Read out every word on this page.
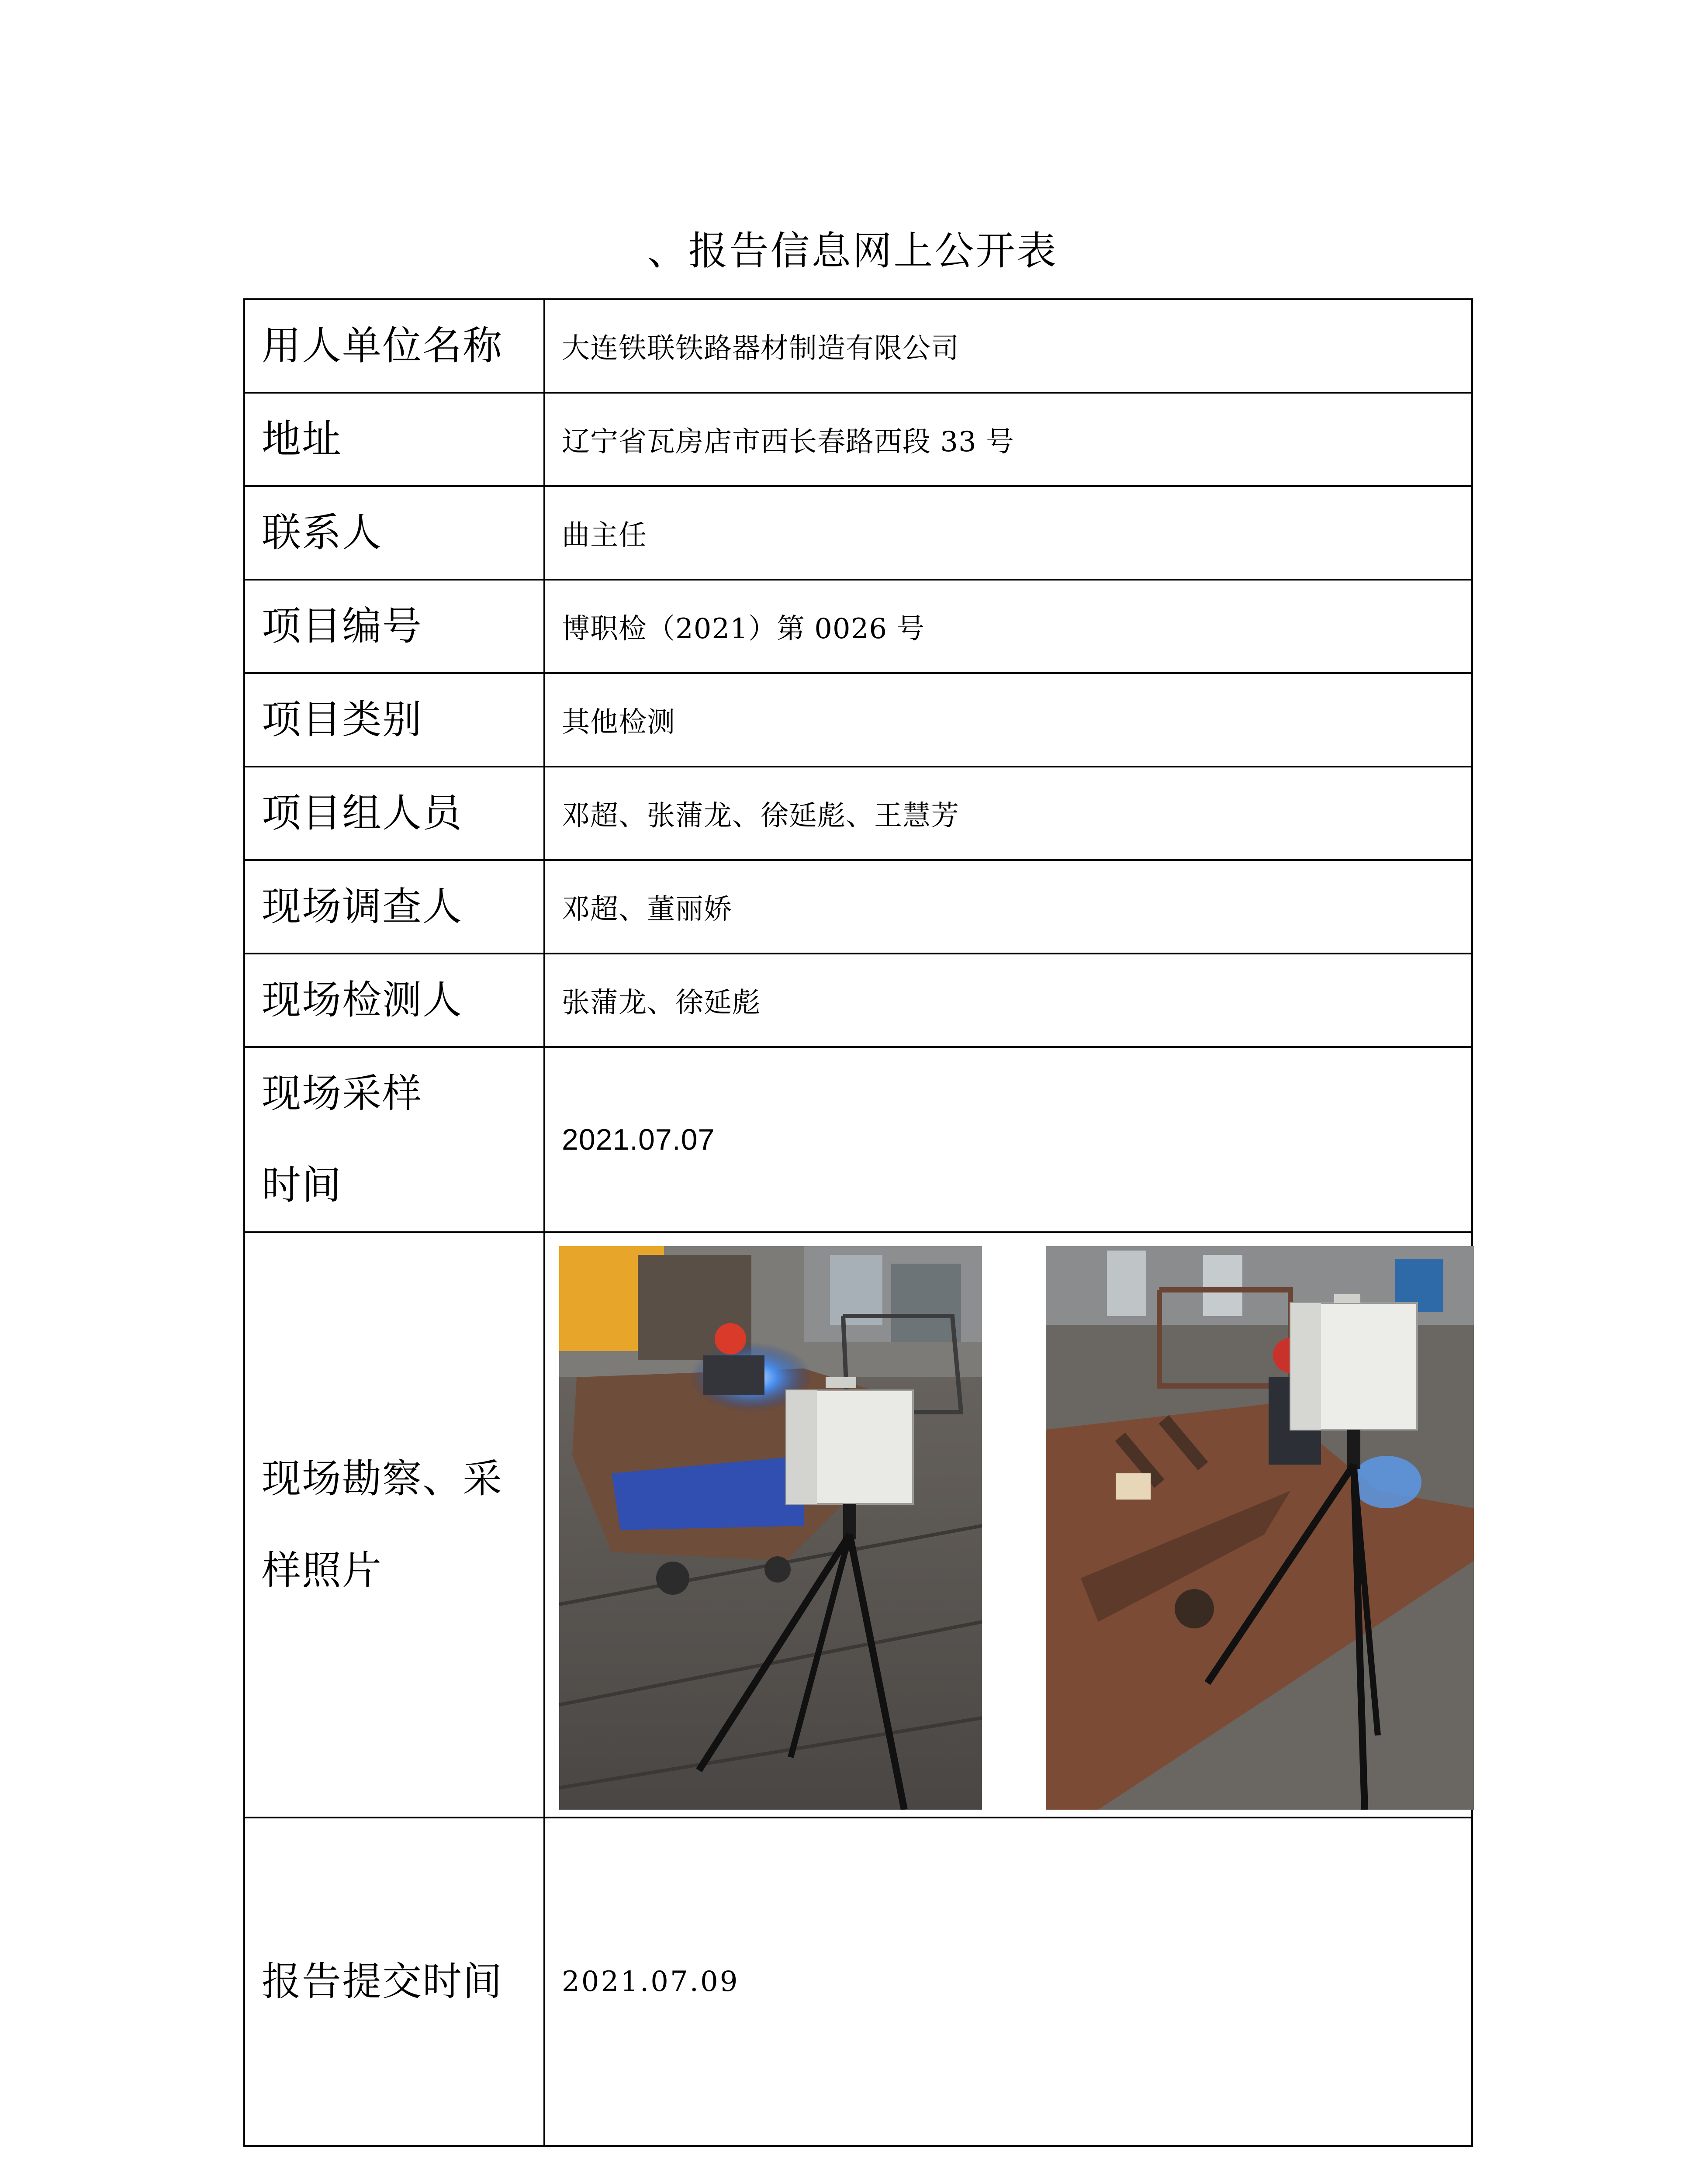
、报告信息网上公开表
用人单位名称	大连铁联铁路器材制造有限公司
地址	辽宁省瓦房店市西长春路西段 33 号
联系人	曲主任
项目编号	博职检（2021）第 0026 号
项目类别	其他检测
项目组人员	邓超、张蒲龙、徐延彪、王慧芳
现场调查人	邓超、董丽娇
现场检测人	张蒲龙、徐延彪

现场采样
时间	2021.07.07

现场勘察、采
样照片

报告提交时间	2021.07.09
